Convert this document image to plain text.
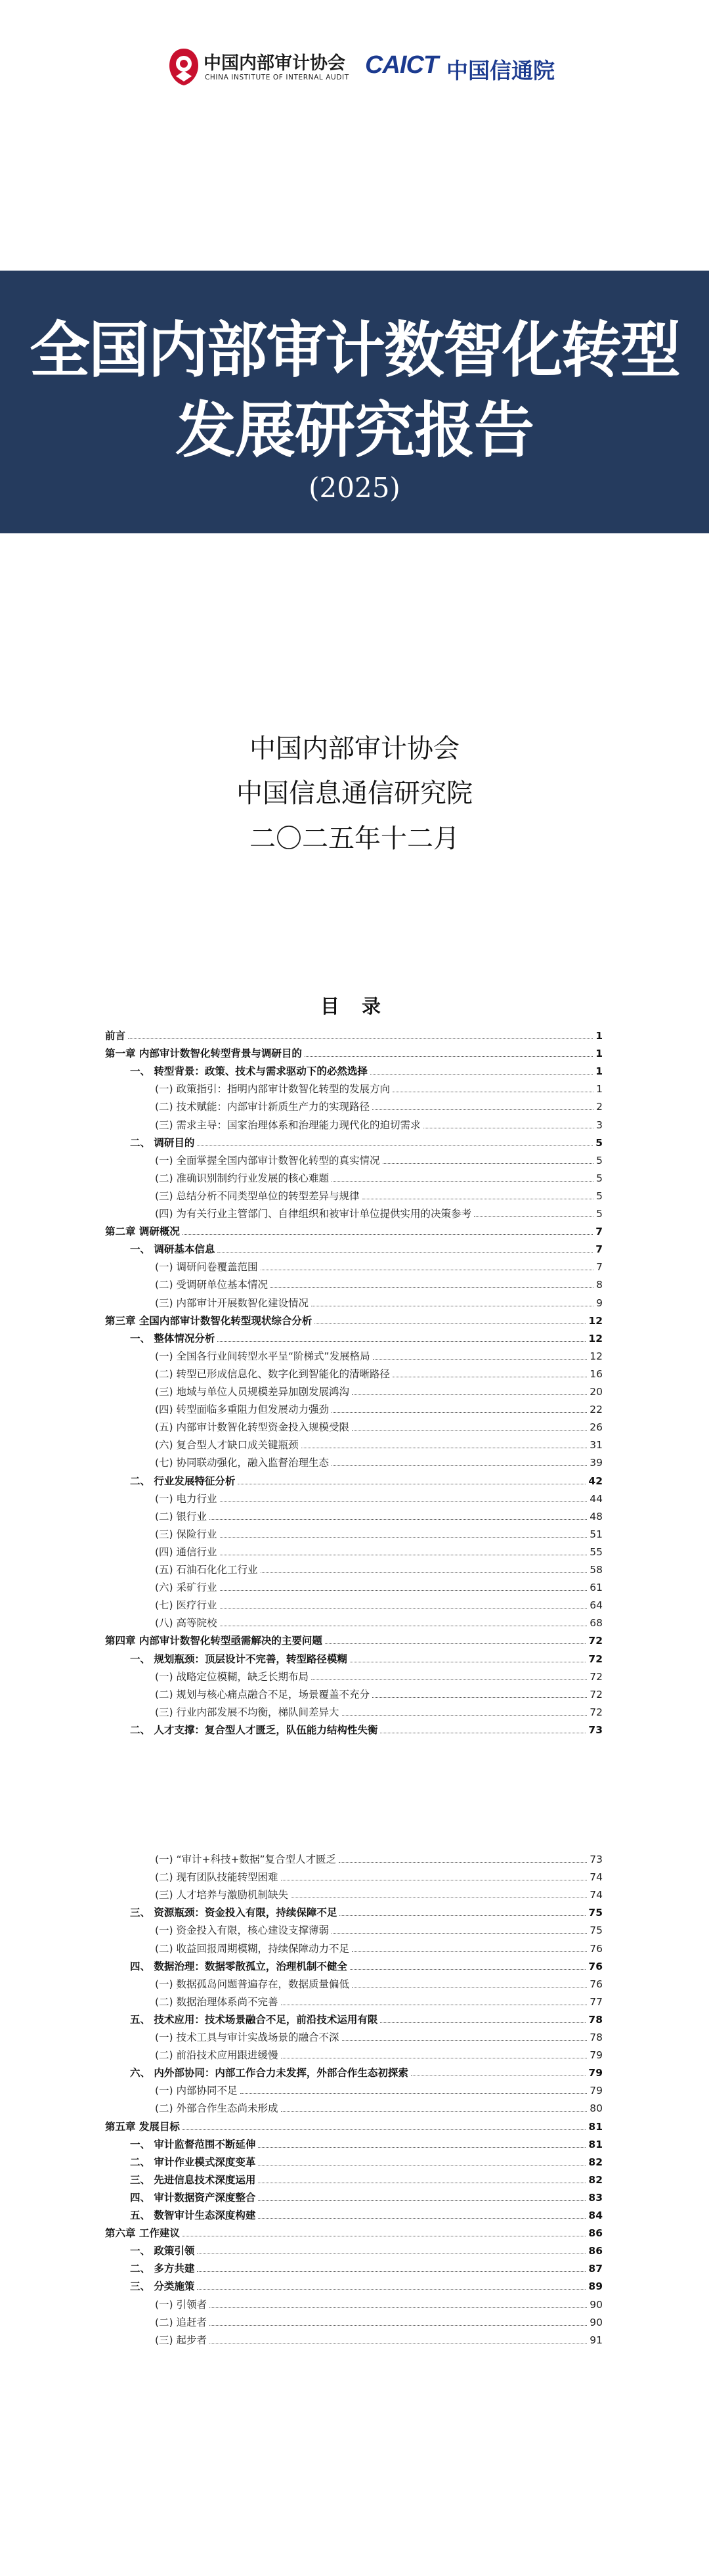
中国内部审计协会
CHINA INSTITUTE OF INTERNAL AUDIT CAICT 中国信通院
全国内部审计数智化转型
发展研究报告
(2025)
中国内部审计协会
中国信息通信研究院
二〇二五年十二月
目 录
前言	1
第一章 内部审计数智化转型背景与调研目的	1
一、 转型背景：政策、技术与需求驱动下的必然选择	1
(一) 政策指引：指明内部审计数智化转型的发展方向	1
(二) 技术赋能：内部审计新质生产力的实现路径	2
(三) 需求主导：国家治理体系和治理能力现代化的迫切需求	3
二、 调研目的	5
(一) 全面掌握全国内部审计数智化转型的真实情况	5
(二) 准确识别制约行业发展的核心难题	5
(三) 总结分析不同类型单位的转型差异与规律	5
(四) 为有关行业主管部门、自律组织和被审计单位提供实用的决策参考	5
第二章 调研概况	7
一、 调研基本信息	7
(一) 调研问卷覆盖范围	7
(二) 受调研单位基本情况	8
(三) 内部审计开展数智化建设情况	9
第三章 全国内部审计数智化转型现状综合分析	12
一、 整体情况分析	12
(一) 全国各行业间转型水平呈“阶梯式”发展格局	12
(二) 转型已形成信息化、数字化到智能化的清晰路径	16
(三) 地域与单位人员规模差异加剧发展鸿沟	20
(四) 转型面临多重阻力但发展动力强劲	22
(五) 内部审计数智化转型资金投入规模受限	26
(六) 复合型人才缺口成关键瓶颈	31
(七) 协同联动强化，融入监督治理生态	39
二、 行业发展特征分析	42
(一) 电力行业	44
(二) 银行业	48
(三) 保险行业	51
(四) 通信行业	55
(五) 石油石化化工行业	58
(六) 采矿行业	61
(七) 医疗行业	64
(八) 高等院校	68
第四章 内部审计数智化转型亟需解决的主要问题	72
一、 规划瓶颈：顶层设计不完善，转型路径模糊	72
(一) 战略定位模糊，缺乏长期布局	72
(二) 规划与核心痛点融合不足，场景覆盖不充分	72
(三) 行业内部发展不均衡，梯队间差异大	72
二、 人才支撑：复合型人才匮乏，队伍能力结构性失衡	73
(一) “审计+科技+数据”复合型人才匮乏	73
(二) 现有团队技能转型困难	74
(三) 人才培养与激励机制缺失	74
三、 资源瓶颈：资金投入有限，持续保障不足	75
(一) 资金投入有限，核心建设支撑薄弱	75
(二) 收益回报周期模糊，持续保障动力不足	76
四、 数据治理：数据零散孤立，治理机制不健全	76
(一) 数据孤岛问题普遍存在，数据质量偏低	76
(二) 数据治理体系尚不完善	77
五、 技术应用：技术场景融合不足，前沿技术运用有限	78
(一) 技术工具与审计实战场景的融合不深	78
(二) 前沿技术应用跟进缓慢	79
六、 内外部协同：内部工作合力未发挥，外部合作生态初探索	79
(一) 内部协同不足	79
(二) 外部合作生态尚未形成	80
第五章 发展目标	81
一、 审计监督范围不断延伸	81
二、 审计作业模式深度变革	82
三、 先进信息技术深度运用	82
四、 审计数据资产深度整合	83
五、 数智审计生态深度构建	84
第六章 工作建议	86
一、 政策引领	86
二、 多方共建	87
三、 分类施策	89
(一) 引领者	90
(二) 追赶者	90
(三) 起步者	91
